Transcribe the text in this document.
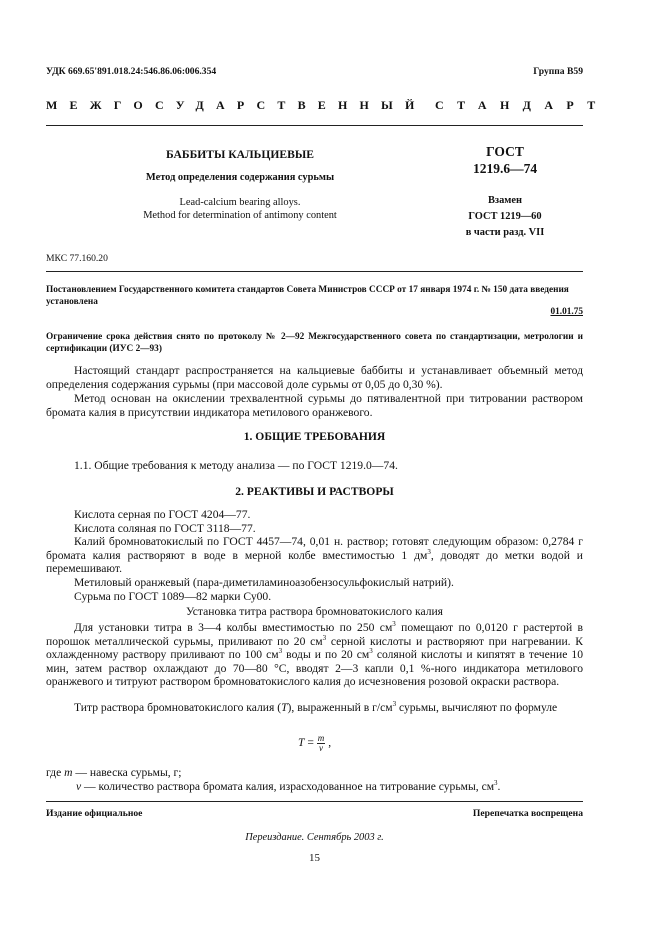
УДК 669.65'891.018.24:546.86.06:006.354	Группа В59
МЕЖГОСУДАРСТВЕННЫЙ СТАНДАРТ
БАББИТЫ КАЛЬЦИЕВЫЕ
Метод определения содержания сурьмы
Lead-calcium bearing alloys.
Method for determination of antimony content
ГОСТ
1219.6—74
Взамен
ГОСТ 1219—60
в части разд. VII
МКС 77.160.20
Постановлением Государственного комитета стандартов Совета Министров СССР от 17 января 1974 г. № 150 дата введения установлена
01.01.75
Ограничение срока действия снято по протоколу № 2—92 Межгосударственного совета по стандартизации, метрологии и сертификации (ИУС 2—93)
Настоящий стандарт распространяется на кальциевые баббиты и устанавливает объемный метод определения содержания сурьмы (при массовой доле сурьмы от 0,05 до 0,30 %).
Метод основан на окислении трехвалентной сурьмы до пятивалентной при титровании раствором бромата калия в присутствии индикатора метилового оранжевого.
1. ОБЩИЕ ТРЕБОВАНИЯ
1.1. Общие требования к методу анализа — по ГОСТ 1219.0—74.
2. РЕАКТИВЫ И РАСТВОРЫ
Кислота серная по ГОСТ 4204—77.
Кислота соляная по ГОСТ 3118—77.
Калий бромноватокислый по ГОСТ 4457—74, 0,01 н. раствор; готовят следующим образом: 0,2784 г бромата калия растворяют в воде в мерной колбе вместимостью 1 $дм^3$, доводят до метки водой и перемешивают.
Метиловый оранжевый (пара-диметиламиноазобензосульфокислый натрий).
Сурьма по ГОСТ 1089—82 марки Су00.
Установка титра раствора бромноватокислого калия
Для установки титра в 3—4 колбы вместимостью по 250 $см^3$ помещают по 0,0120 г растертой в порошок металлической сурьмы, приливают по 20 $см^3$ серной кислоты и растворяют при нагревании. К охлажденному раствору приливают по 100 $см^3$ воды и по 20 $см^3$ соляной кислоты и кипятят в течение 10 мин, затем раствор охлаждают до 70—80 °С, вводят 2—3 капли 0,1 %-ного индикатора метилового оранжевого и титруют раствором бромноватокислого калия до исчезновения розовой окраски раствора.
Титр раствора бромноватокислого калия (Т), выраженный в $г/см^3$ сурьмы, вычисляют по формуле
$T = \frac{m}{v}$ ,
где m — навеска сурьмы, г;
v — количество раствора бромата калия, израсходованное на титрование сурьмы, $см^3$.
Издание официальное	Перепечатка воспрещена
Переиздание. Сентябрь 2003 г.
15
